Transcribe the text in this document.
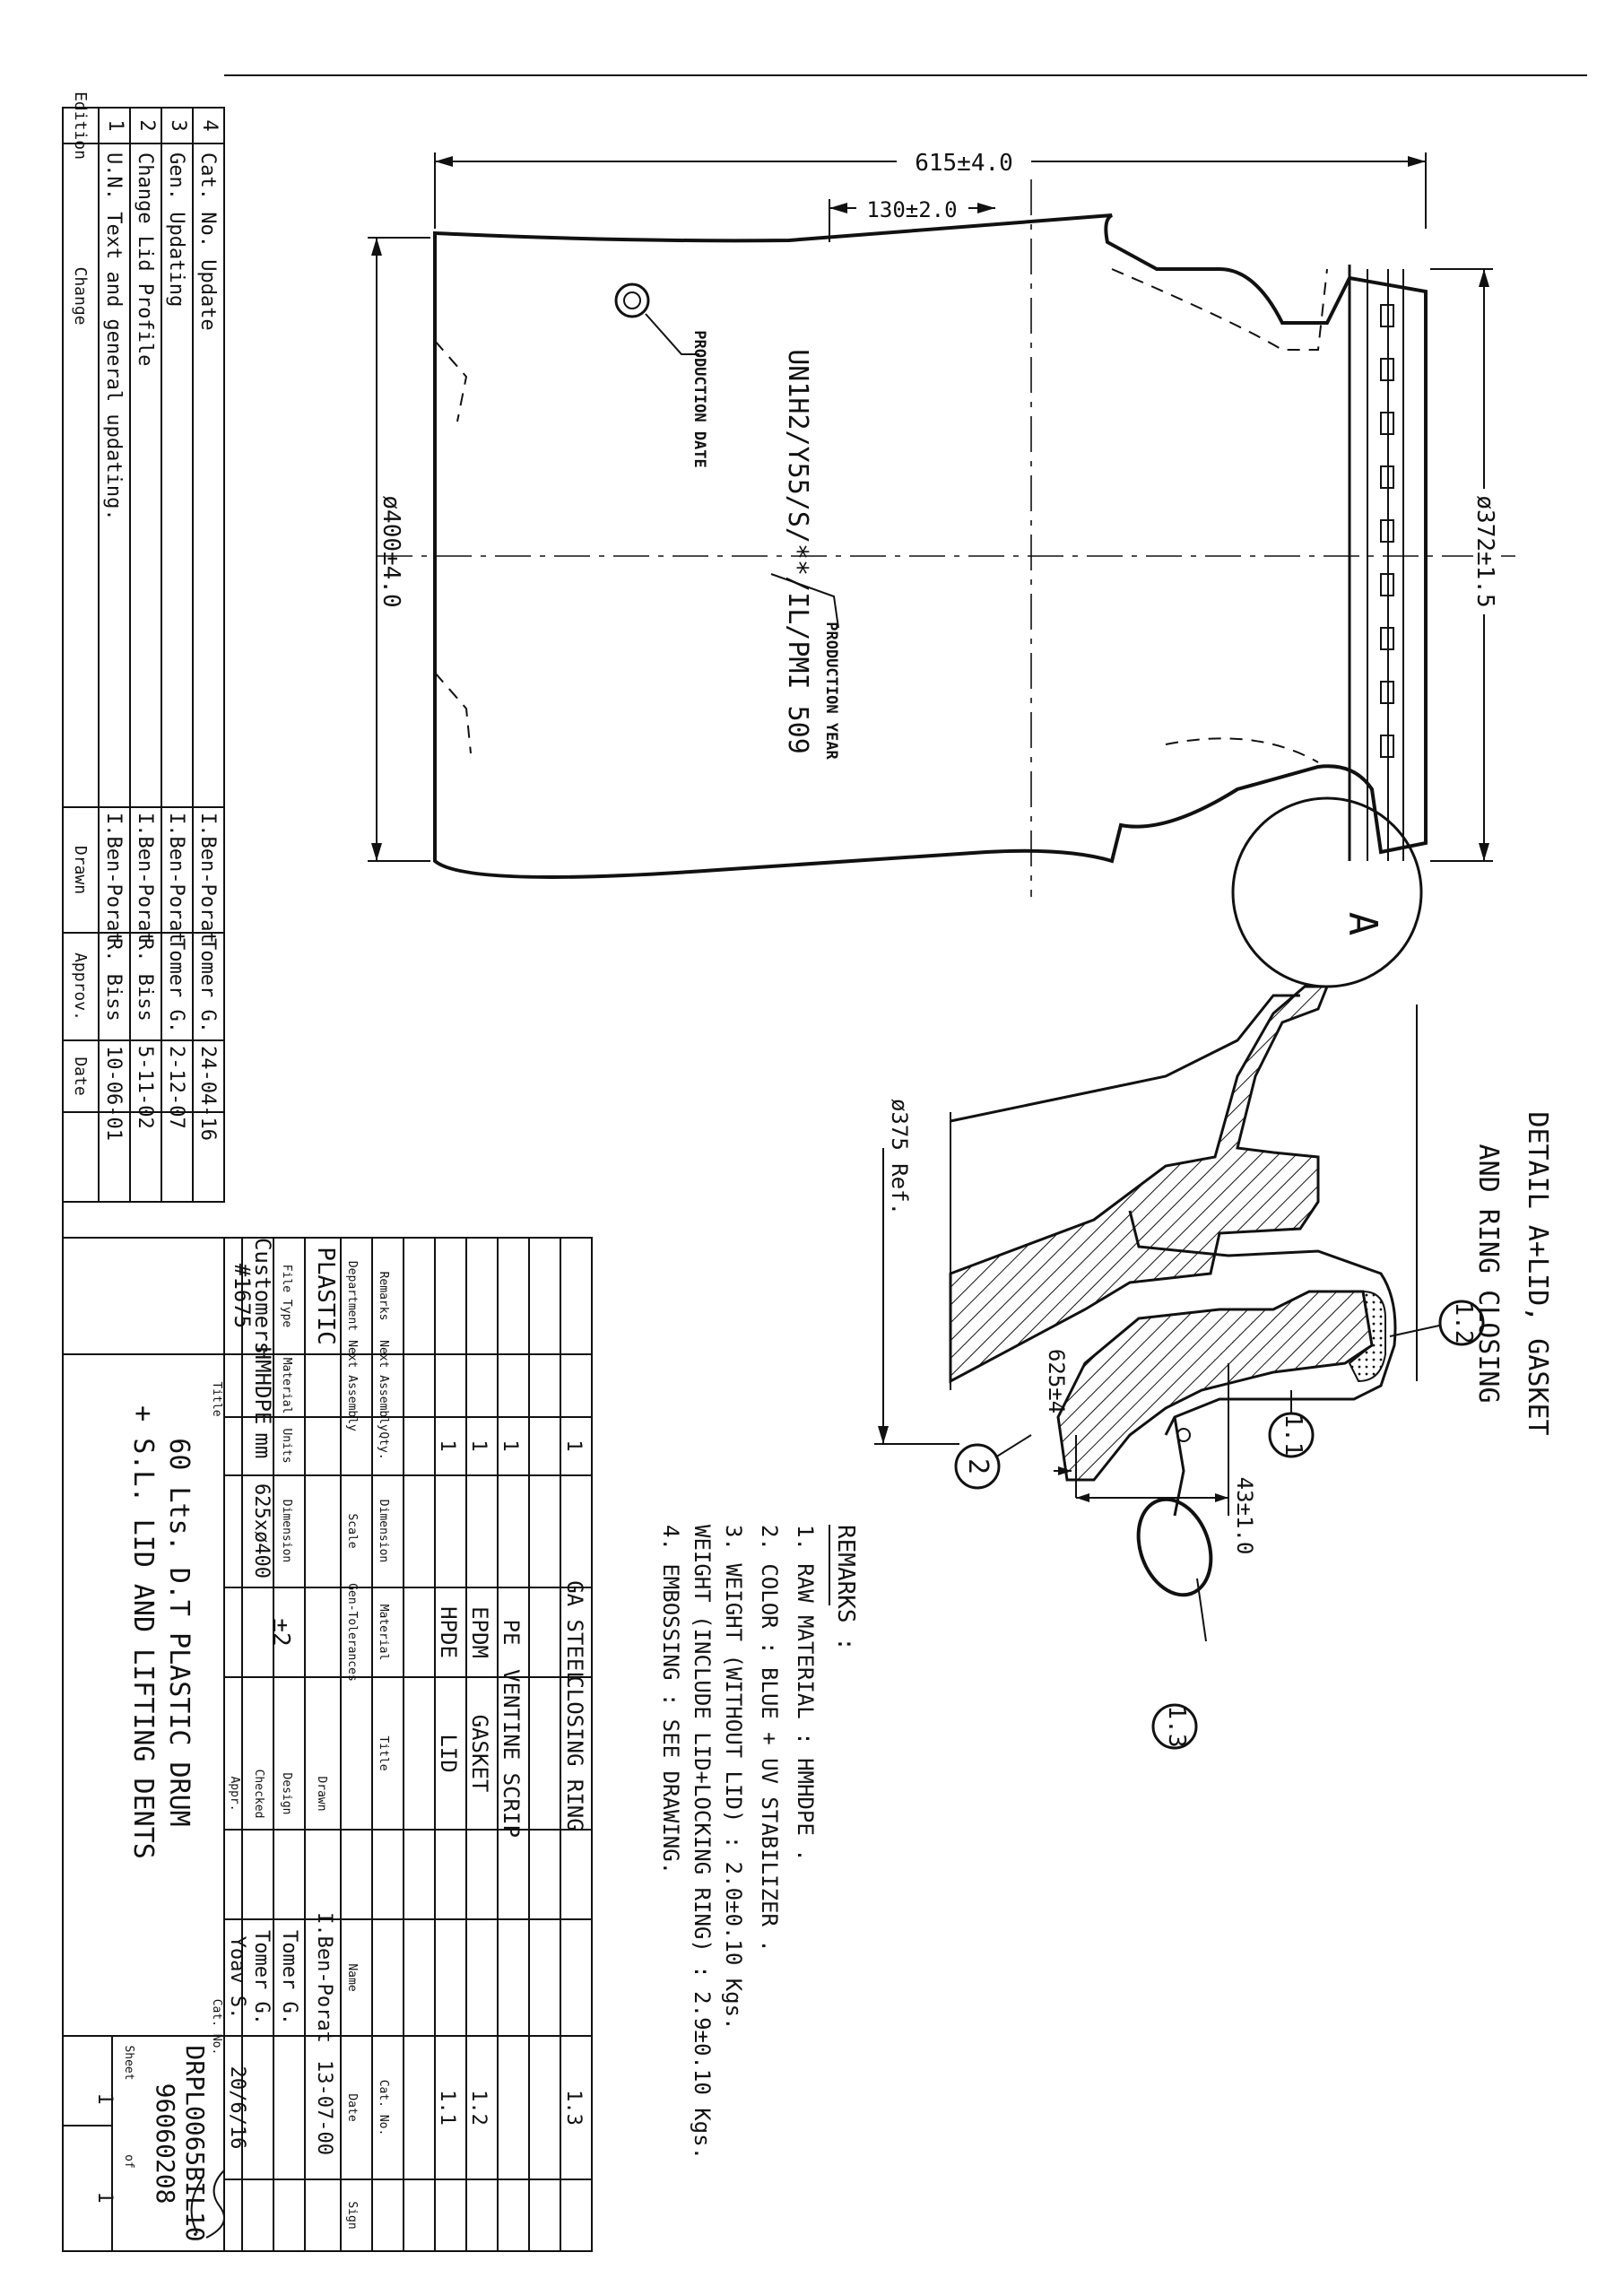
615±4.0
130±2.0
ø400±4.0	ø372±1.5
PRODUCTION DATE
PRODUCTION YEAR
UN1H2/Y55/S/**/IL/PMI 509
A
1.2
1.1
2
1.3
DETAIL A+LID, GASKET
AND RING CLOSING
ø375 Ref.
43±1.0
625±4
REMARKS :
1. RAW MATERIAL : HMHDPE .
2. COLOR : BLUE + UV STABILIZER .
3. WEIGHT (WITHOUT LID) : 2.0±0.10 Kgs.
WEIGHT (INCLUDE LID+LOCKING RING) : 2.9±0.10 Kgs.
4. EMBOSSING : SEE DRAWING.
Edition
Change
Drawn
Approv.
Date
1
U.N. Text and general updating.
I.Ben-Porat
R. Biss
10-06-01
2
Change Lid Profile
I.Ben-Porat
R. Biss
5-11-02
3
Gen. Updating
I.Ben-Porat
Tomer G.
2-12-07
4
Cat. No. Update
I.Ben-Porat
Tomer G.
24-04-16
1
HPDE
LID
1.1
1
EPDM
GASKET
1.2
1
PE
VENTINE SCRIP
1
GA STEEL
CLOSING RING
1.3
Remarks
Next Assembly
Qty.
Dimension
Material
Title
Cat. No.
Department
Next Assembly
Scale
Gen-Tolerances
Name
Date
Sign
PLASTIC
Drawn
I.Ben-Porat
13-07-00
File Type
Material
Units
Dimension
Design
Tomer G.
Customers
#1675
HMHDPE
mm
625xø400
±2
Checked
Tomer G.
Appr.
Yoav S.
20/6/16
Title
60 Lts. D.T PLASTIC DRUM
+ S.L. LID AND LIFTING DENTS
Cat. No.
DRPL0065BIL10
96060208
Sheet
1
of
1
